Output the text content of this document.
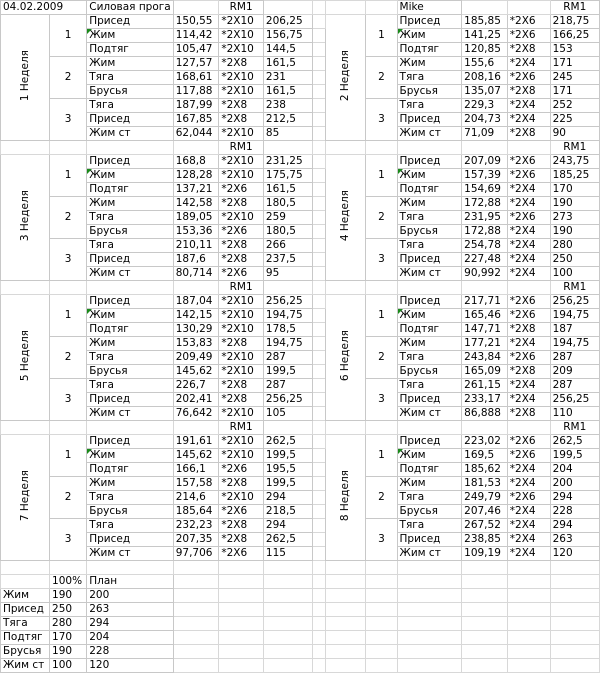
04.02.2009		Силовая прога		RM1					Mike			RM1
1 Неделя	1	Присед	150,55	*2X10	206,25		2 Неделя	1	Присед	185,85	*2X6	218,75
		Жим	114,42	*2X10	156,75				Жим	141,25	*2X6	166,25
		Подтяг	105,47	*2X10	144,5				Подтяг	120,85	*2X8	153
	2	Жим	127,57	*2X8	161,5			2	Жим	155,6	*2X4	171
		Тяга	168,61	*2X10	231				Тяга	208,16	*2X6	245
		Брусья	117,88	*2X10	161,5				Брусья	135,07	*2X8	171
	3	Тяга	187,99	*2X8	238			3	Тяга	229,3	*2X4	252
		Присед	167,85	*2X8	212,5				Присед	204,73	*2X4	225
		Жим ст	62,044	*2X10	85				Жим ст	71,09	*2X8	90
				RM1								RM1
3 Неделя	1	Присед	168,8	*2X10	231,25		4 Неделя	1	Присед	207,09	*2X6	243,75
		Жим	128,28	*2X10	175,75				Жим	157,39	*2X6	185,25
		Подтяг	137,21	*2X6	161,5				Подтяг	154,69	*2X4	170
	2	Жим	142,58	*2X8	180,5			2	Жим	172,88	*2X4	190
		Тяга	189,05	*2X10	259				Тяга	231,95	*2X6	273
		Брусья	153,36	*2X6	180,5				Брусья	172,88	*2X4	190
	3	Тяга	210,11	*2X8	266			3	Тяга	254,78	*2X4	280
		Присед	187,6	*2X8	237,5				Присед	227,48	*2X4	250
		Жим ст	80,714	*2X6	95				Жим ст	90,992	*2X4	100
				RM1								RM1
5 Неделя	1	Присед	187,04	*2X10	256,25		6 Неделя	1	Присед	217,71	*2X6	256,25
		Жим	142,15	*2X10	194,75				Жим	165,46	*2X6	194,75
		Подтяг	130,29	*2X10	178,5				Подтяг	147,71	*2X8	187
	2	Жим	153,83	*2X8	194,75			2	Жим	177,21	*2X4	194,75
		Тяга	209,49	*2X10	287				Тяга	243,84	*2X6	287
		Брусья	145,62	*2X10	199,5				Брусья	165,09	*2X8	209
	3	Тяга	226,7	*2X8	287			3	Тяга	261,15	*2X4	287
		Присед	202,41	*2X8	256,25				Присед	233,17	*2X4	256,25
		Жим ст	76,642	*2X10	105				Жим ст	86,888	*2X8	110
				RM1								RM1
7 Неделя	1	Присед	191,61	*2X10	262,5		8 Неделя	1	Присед	223,02	*2X6	262,5
		Жим	145,62	*2X10	199,5				Жим	169,5	*2X6	199,5
		Подтяг	166,1	*2X6	195,5				Подтяг	185,62	*2X4	204
	2	Жим	157,58	*2X8	199,5			2	Жим	181,53	*2X4	200
		Тяга	214,6	*2X10	294				Тяга	249,79	*2X6	294
		Брусья	185,64	*2X6	218,5				Брусья	207,46	*2X4	228
	3	Тяга	232,23	*2X8	294			3	Тяга	267,52	*2X4	294
		Присед	207,35	*2X8	262,5				Присед	238,85	*2X4	263
		Жим ст	97,706	*2X6	115				Жим ст	109,19	*2X4	120

	100%	План										
Жим	190	200										
Присед	250	263										
Тяга	280	294										
Подтяг	170	204										
Брусья	190	228										
Жим ст	100	120										
